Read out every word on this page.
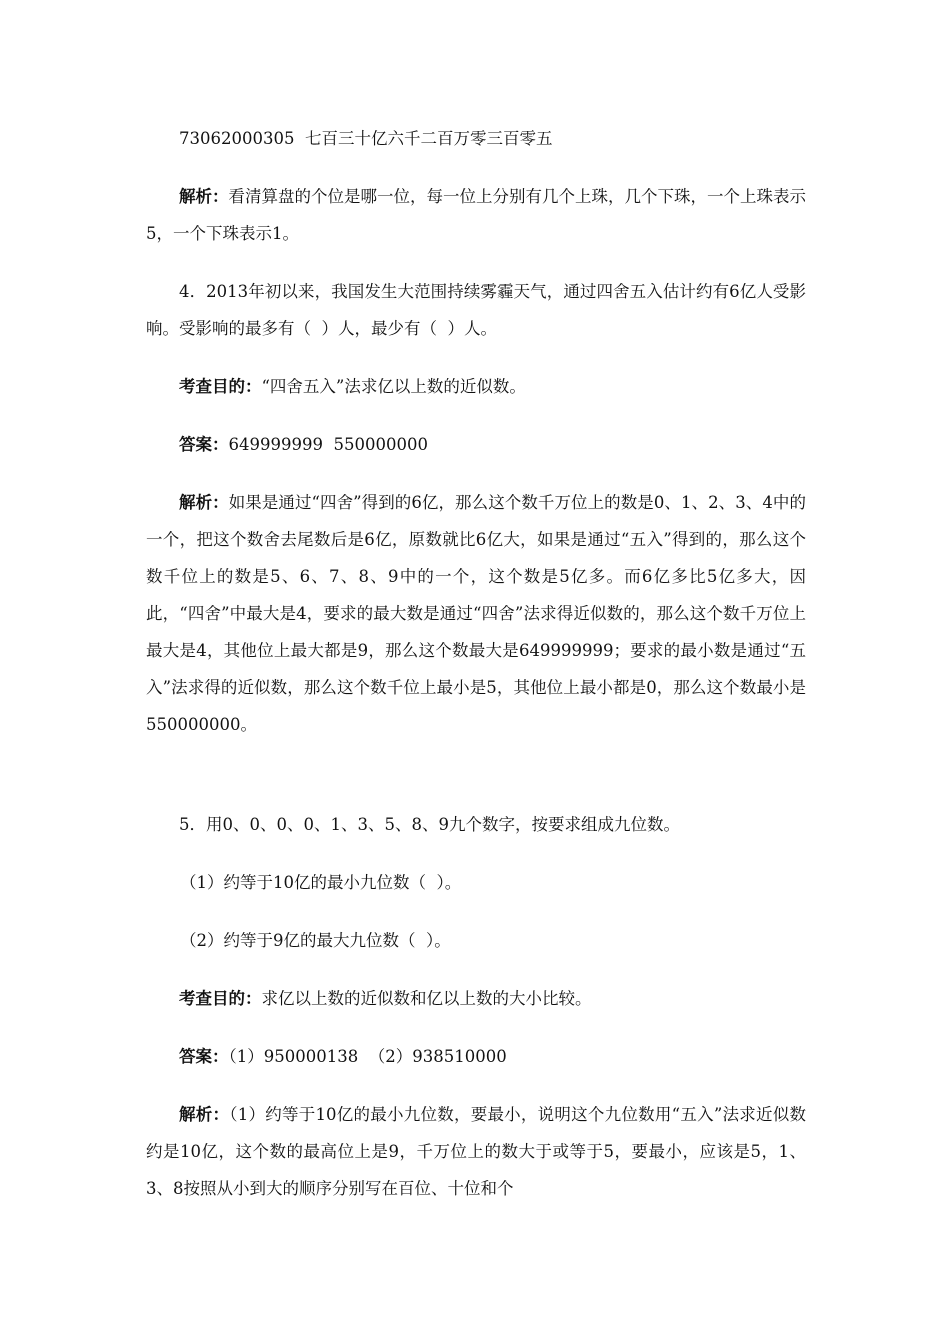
73062000305  七百三十亿六千二百万零三百零五

解析：看清算盘的个位是哪一位，每一位上分别有几个上珠，几个下珠，一个上珠表示5，一个下珠表示1。

4．2013年初以来，我国发生大范围持续雾霾天气，通过四舍五入估计约有6亿人受影响。受影响的最多有（  ）人，最少有（  ）人。

考查目的：“四舍五入”法求亿以上数的近似数。

答案：649999999  550000000

解析：如果是通过“四舍”得到的6亿，那么这个数千万位上的数是0、1、2、3、4中的一个，把这个数舍去尾数后是6亿，原数就比6亿大，如果是通过“五入”得到的，那么这个数千位上的数是5、6、7、8、9中的一个，这个数是5亿多。而6亿多比5亿多大，因此，“四舍”中最大是4，要求的最大数是通过“四舍”法求得近似数的，那么这个数千万位上最大是4，其他位上最大都是9，那么这个数最大是649999999；要求的最小数是通过“五入”法求得的近似数，那么这个数千位上最小是5，其他位上最小都是0，那么这个数最小是550000000。

5．用0、0、0、0、1、3、5、8、9九个数字，按要求组成九位数。

（1）约等于10亿的最小九位数（  ）。

（2）约等于9亿的最大九位数（  ）。

考查目的：求亿以上数的近似数和亿以上数的大小比较。

答案：（1）950000138  （2）938510000

解析：（1）约等于10亿的最小九位数，要最小，说明这个九位数用“五入”法求近似数约是10亿，这个数的最高位上是9，千万位上的数大于或等于5，要最小，应该是5，1、3、8按照从小到大的顺序分别写在百位、十位和个
